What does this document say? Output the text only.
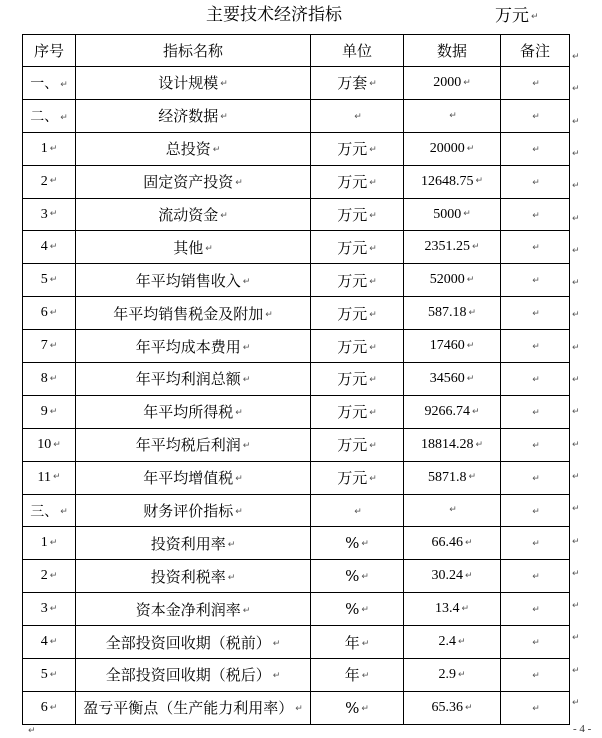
主要技术经济指标	万元 ↵
序号	指标名称	单位	数据	备注
一、 ↵	设计规模 ↵	万套 ↵	2000 ↵	↵
二、 ↵	经济数据 ↵	↵	↵	↵
1 ↵	总投资 ↵	万元 ↵	20000 ↵	↵
2 ↵	固定资产投资 ↵	万元 ↵	12648.75 ↵	↵
3 ↵	流动资金 ↵	万元 ↵	5000 ↵	↵
4 ↵	其他 ↵	万元 ↵	2351.25 ↵	↵
5 ↵	年平均销售收入 ↵	万元 ↵	52000 ↵	↵
6 ↵	年平均销售税金及附加 ↵	万元 ↵	587.18 ↵	↵
7 ↵	年平均成本费用 ↵	万元 ↵	17460 ↵	↵
8 ↵	年平均利润总额 ↵	万元 ↵	34560 ↵	↵
9 ↵	年平均所得税 ↵	万元 ↵	9266.74 ↵	↵
10 ↵	年平均税后利润 ↵	万元 ↵	18814.28 ↵	↵
11 ↵	年平均增值税 ↵	万元 ↵	5871.8 ↵	↵
三、 ↵	财务评价指标 ↵	↵	↵	↵
1 ↵	投资利用率 ↵	% ↵	66.46 ↵	↵
2 ↵	投资利税率 ↵	% ↵	30.24 ↵	↵
3 ↵	资本金净利润率 ↵	% ↵	13.4 ↵	↵
4 ↵	全部投资回收期（税前） ↵	年 ↵	2.4 ↵	↵
5 ↵	全部投资回收期（税后） ↵	年 ↵	2.9 ↵	↵
6 ↵	盈亏平衡点（生产能力利用率） ↵	% ↵	65.36 ↵	↵
↵
↵
↵
↵
↵
↵
↵
↵
↵
↵
↵
↵
↵
↵
↵
↵
↵
↵
↵
↵
↵
↵	- 4 -
